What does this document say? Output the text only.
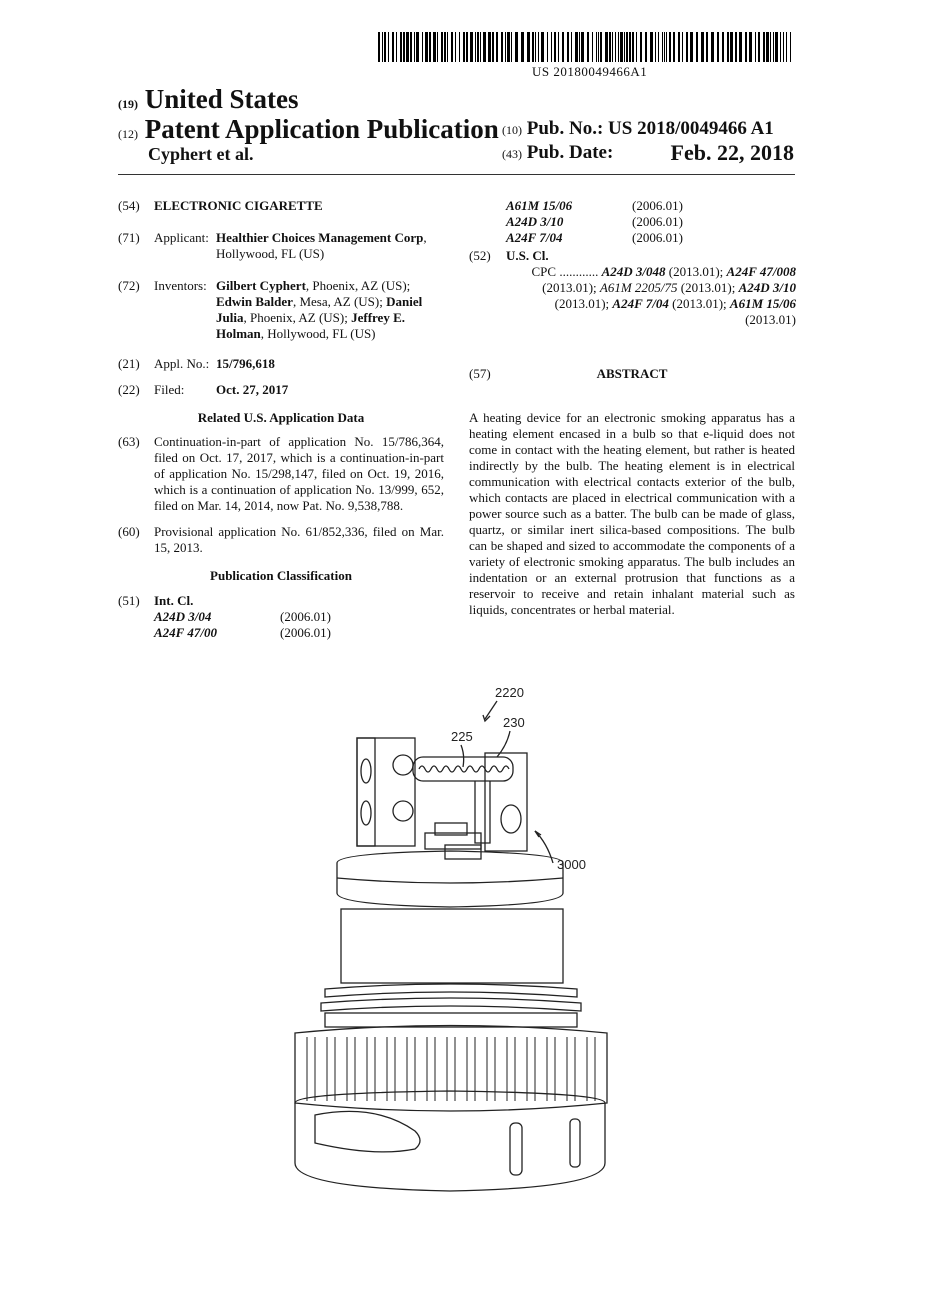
US 20180049466A1
(19) United States
(12) Patent Application Publication
Cyphert et al.
(10) Pub. No.: US 2018/0049466 A1
(43) Pub. Date:	Feb. 22, 2018
(54)	ELECTRONIC CIGARETTE
(71)	Applicant: Healthier Choices Management Corp, Hollywood, FL (US)
(72)	Inventors: Gilbert Cyphert, Phoenix, AZ (US); Edwin Balder, Mesa, AZ (US); Daniel Julia, Phoenix, AZ (US); Jeffrey E. Holman, Hollywood, FL (US)
(21)	Appl. No.: 15/796,618
(22)	Filed: Oct. 27, 2017
Related U.S. Application Data
(63)	Continuation-in-part of application No. 15/786,364, filed on Oct. 17, 2017, which is a continuation-in-part of application No. 15/298,147, filed on Oct. 19, 2016, which is a continuation of application No. 13/999, 652, filed on Mar. 14, 2014, now Pat. No. 9,538,788.
(60)	Provisional application No. 61/852,336, filed on Mar. 15, 2013.
Publication Classification
(51)	Int. Cl.
A24D 3/04	(2006.01)
A24F 47/00	(2006.01)
A61M 15/06	(2006.01)
A24D 3/10	(2006.01)
A24F 7/04	(2006.01)
(52) U.S. Cl.
CPC ............ A24D 3/048 (2013.01); A24F 47/008 (2013.01); A61M 2205/75 (2013.01); A24D 3/10 (2013.01); A24F 7/04 (2013.01); A61M 15/06 (2013.01)
(57)	ABSTRACT
A heating device for an electronic smoking apparatus has a heating element encased in a bulb so that e-liquid does not come in contact with the heating element, but rather is heated indirectly by the bulb. The heating element is in electrical communication with electrical contacts exterior of the bulb, which contacts are placed in electrical communication with a power source such as a batter. The bulb can be made of glass, quartz, or similar inert silica-based compositions. The bulb can be shaped and sized to accommodate the components of a variety of electronic smoking apparatus. The bulb includes an indentation or an external protrusion that functions as a reservoir to receive and retain inhalant material such as liquids, concentrates or herbal material.
2220
230
225
3000
